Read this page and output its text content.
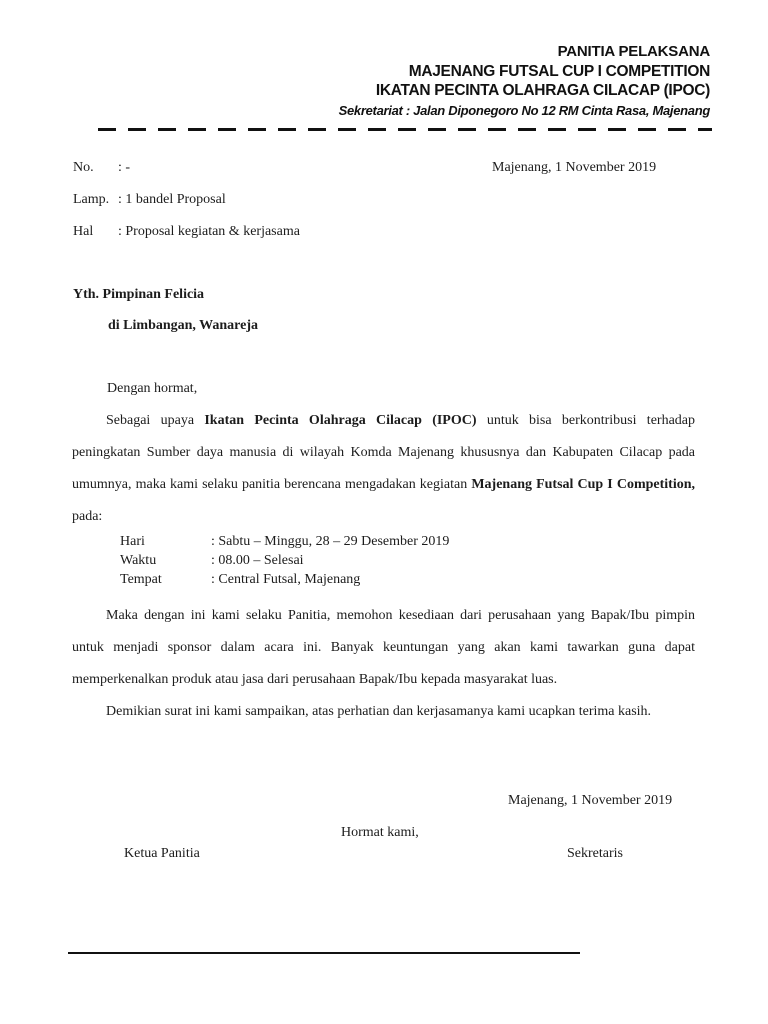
PANITIA PELAKSANA
MAJENANG FUTSAL CUP I COMPETITION
IKATAN PECINTA OLAHRAGA CILACAP (IPOC)
Sekretariat : Jalan Diponegoro No 12 RM Cinta Rasa, Majenang
No. : -	Majenang, 1 November 2019
Lamp. : 1 bandel Proposal
Hal : Proposal kegiatan & kerjasama
Yth. Pimpinan Felicia
di Limbangan, Wanareja
Dengan hormat,

Sebagai upaya Ikatan Pecinta Olahraga Cilacap (IPOC) untuk bisa berkontribusi terhadap peningkatan Sumber daya manusia di wilayah Komda Majenang khususnya dan Kabupaten Cilacap pada umumnya, maka kami selaku panitia berencana mengadakan kegiatan Majenang Futsal Cup I Competition, pada:

Hari	: Sabtu – Minggu, 28 – 29 Desember 2019
Waktu	: 08.00 – Selesai
Tempat	: Central Futsal, Majenang

Maka dengan ini kami selaku Panitia, memohon kesediaan dari perusahaan yang Bapak/Ibu pimpin untuk menjadi sponsor dalam acara ini. Banyak keuntungan yang akan kami tawarkan guna dapat memperkenalkan produk atau jasa dari perusahaan Bapak/Ibu kepada masyarakat luas.

Demikian surat ini kami sampaikan, atas perhatian dan kerjasamanya kami ucapkan terima kasih.

Majenang, 1 November 2019
Hormat kami,
Ketua Panitia	Sekretaris
